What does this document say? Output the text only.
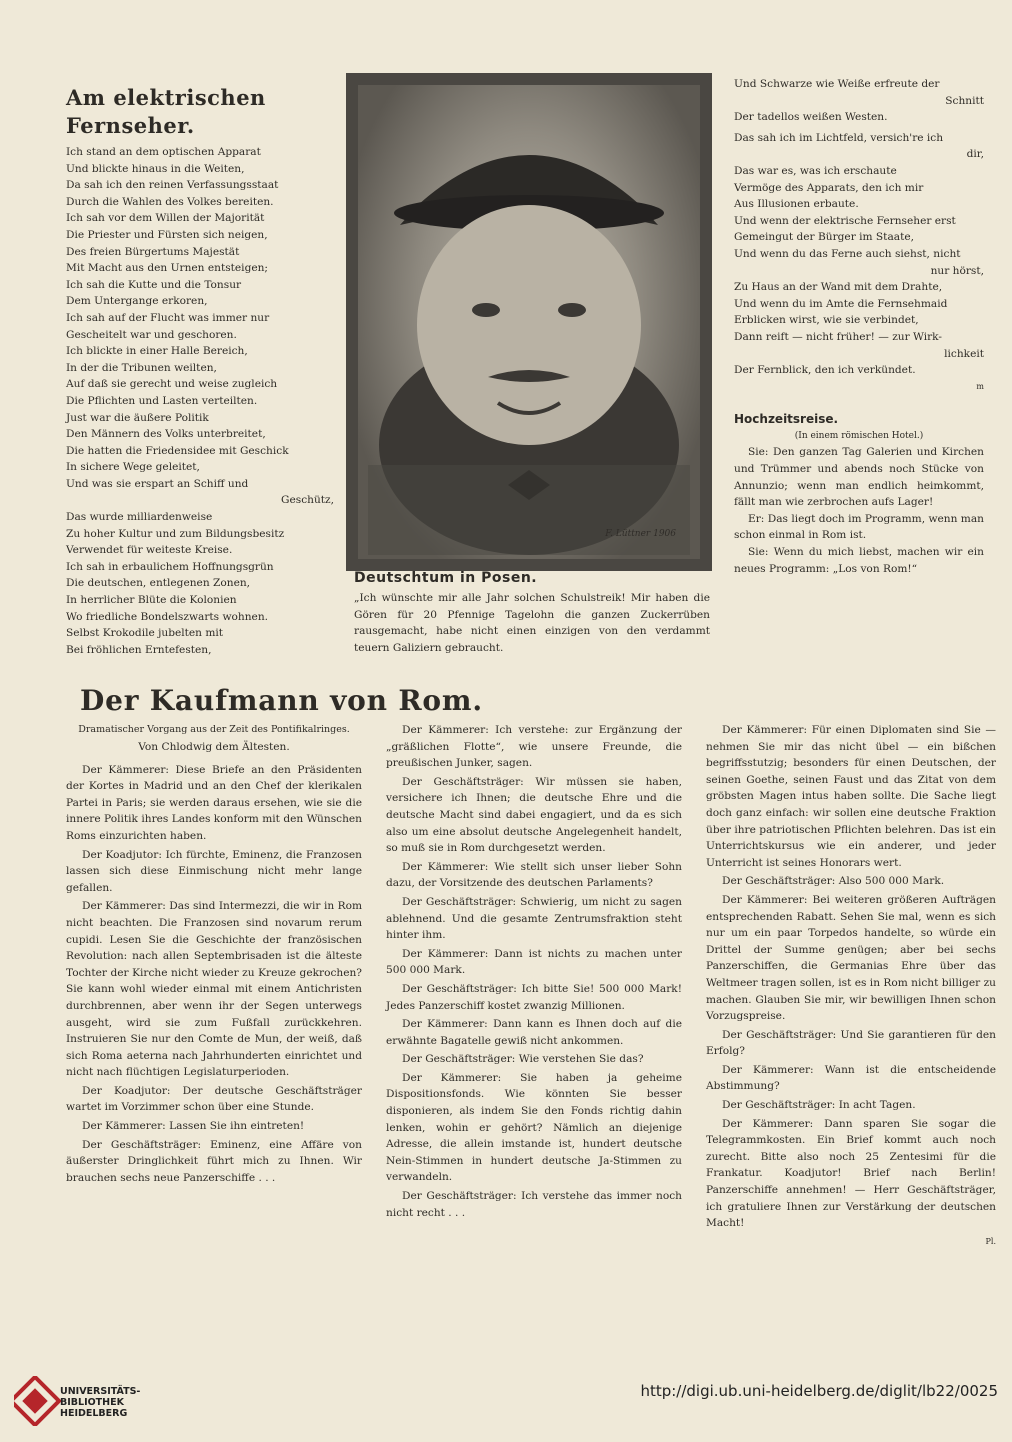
Am elektrischen Fernseher.
Ich stand an dem optischen Apparat
Und blickte hinaus in die Weiten,
Da sah ich den reinen Verfassungsstaat
Durch die Wahlen des Volkes bereiten.
Ich sah vor dem Willen der Majorität
Die Priester und Fürsten sich neigen,
Des freien Bürgertums Majestät
Mit Macht aus den Urnen entsteigen;
Ich sah die Kutte und die Tonsur
Dem Untergange erkoren,
Ich sah auf der Flucht was immer nur
Gescheitelt war und geschoren.
Ich blickte in einer Halle Bereich,
In der die Tribunen weilten,
Auf daß sie gerecht und weise zugleich
Die Pflichten und Lasten verteilten.
Just war die äußere Politik
Den Männern des Volks unterbreitet,
Die hatten die Friedensidee mit Geschick
In sichere Wege geleitet,
Und was sie erspart an Schiff und
Geschütz,
Das wurde milliardenweise
Zu hoher Kultur und zum Bildungsbesitz
Verwendet für weiteste Kreise.
Ich sah in erbaulichem Hoffnungsgrün
Die deutschen, entlegenen Zonen,
In herrlicher Blüte die Kolonien
Wo friedliche Bondelszwarts wohnen.
Selbst Krokodile jubelten mit
Bei fröhlichen Erntefesten,
F. Lüttner 1906
Deutschtum in Posen.
„Ich wünschte mir alle Jahr solchen Schulstreik! Mir haben die Gören für 20 Pfennige Tagelohn die ganzen Zuckerrüben rausgemacht, habe nicht einen einzigen von den verdammt teuern Galiziern gebraucht.
Und Schwarze wie Weiße erfreute der
Schnitt
Der tadellos weißen Westen.
Das sah ich im Lichtfeld, versich're ich
dir,
Das war es, was ich erschaute
Vermöge des Apparats, den ich mir
Aus Illusionen erbaute.
Und wenn der elektrische Fernseher erst
Gemeingut der Bürger im Staate,
Und wenn du das Ferne auch siehst, nicht
nur hörst,
Zu Haus an der Wand mit dem Drahte,
Und wenn du im Amte die Fernsehmaid
Erblicken wirst, wie sie verbindet,
Dann reift — nicht früher! — zur Wirk-
lichkeit
Der Fernblick, den ich verkündet.
m
Hochzeitsreise.
(In einem römischen Hotel.)

Sie: Den ganzen Tag Galerien und Kirchen und Trümmer und abends noch Stücke von Annunzio; wenn man endlich heimkommt, fällt man wie zerbrochen aufs Lager!

Er: Das liegt doch im Programm, wenn man schon einmal in Rom ist.

Sie: Wenn du mich liebst, machen wir ein neues Programm: „Los von Rom!“

Der Kaufmann von Rom.

Dramatischer Vorgang aus der Zeit des Pontifikalringes.

Von Chlodwig dem Ältesten.

Der Kämmerer: Diese Briefe an den Präsidenten der Kortes in Madrid und an den Chef der klerikalen Partei in Paris; sie werden daraus ersehen, wie sie die innere Politik ihres Landes konform mit den Wünschen Roms einzurichten haben.

Der Koadjutor: Ich fürchte, Eminenz, die Franzosen lassen sich diese Einmischung nicht mehr lange gefallen.

Der Kämmerer: Das sind Intermezzi, die wir in Rom nicht beachten. Die Franzosen sind novarum rerum cupidi. Lesen Sie die Geschichte der französischen Revolution: nach allen Septembrisaden ist die älteste Tochter der Kirche nicht wieder zu Kreuze gekrochen? Sie kann wohl wieder einmal mit einem Antichristen durchbrennen, aber wenn ihr der Segen unterwegs ausgeht, wird sie zum Fußfall zurückkehren. Instruieren Sie nur den Comte de Mun, der weiß, daß sich Roma aeterna nach Jahrhunderten einrichtet und nicht nach flüchtigen Legislaturperioden.

Der Koadjutor: Der deutsche Geschäftsträger wartet im Vorzimmer schon über eine Stunde.

Der Kämmerer: Lassen Sie ihn eintreten!

Der Geschäftsträger: Eminenz, eine Affäre von äußerster Dringlichkeit führt mich zu Ihnen. Wir brauchen sechs neue Panzerschiffe . . .

Der Kämmerer: Ich verstehe: zur Ergänzung der „gräßlichen Flotte“, wie unsere Freunde, die preußischen Junker, sagen.

Der Geschäftsträger: Wir müssen sie haben, versichere ich Ihnen; die deutsche Ehre und die deutsche Macht sind dabei engagiert, und da es sich also um eine absolut deutsche Angelegenheit handelt, so muß sie in Rom durchgesetzt werden.

Der Kämmerer: Wie stellt sich unser lieber Sohn dazu, der Vorsitzende des deutschen Parlaments?

Der Geschäftsträger: Schwierig, um nicht zu sagen ablehnend. Und die gesamte Zentrumsfraktion steht hinter ihm.

Der Kämmerer: Dann ist nichts zu machen unter 500 000 Mark.

Der Geschäftsträger: Ich bitte Sie! 500 000 Mark! Jedes Panzerschiff kostet zwanzig Millionen.

Der Kämmerer: Dann kann es Ihnen doch auf die erwähnte Bagatelle gewiß nicht ankommen.

Der Geschäftsträger: Wie verstehen Sie das?

Der Kämmerer: Sie haben ja geheime Dispositionsfonds. Wie könnten Sie besser disponieren, als indem Sie den Fonds richtig dahin lenken, wohin er gehört? Nämlich an diejenige Adresse, die allein imstande ist, hundert deutsche Nein-Stimmen in hundert deutsche Ja-Stimmen zu verwandeln.

Der Geschäftsträger: Ich verstehe das immer noch nicht recht . . .

Der Kämmerer: Für einen Diplomaten sind Sie — nehmen Sie mir das nicht übel — ein bißchen begriffsstutzig; besonders für einen Deutschen, der seinen Goethe, seinen Faust und das Zitat von dem gröbsten Magen intus haben sollte. Die Sache liegt doch ganz einfach: wir sollen eine deutsche Fraktion über ihre patriotischen Pflichten belehren. Das ist ein Unterrichtskursus wie ein anderer, und jeder Unterricht ist seines Honorars wert.

Der Geschäftsträger: Also 500 000 Mark.

Der Kämmerer: Bei weiteren größeren Aufträgen entsprechenden Rabatt. Sehen Sie mal, wenn es sich nur um ein paar Torpedos handelte, so würde ein Drittel der Summe genügen; aber bei sechs Panzerschiffen, die Germanias Ehre über das Weltmeer tragen sollen, ist es in Rom nicht billiger zu machen. Glauben Sie mir, wir bewilligen Ihnen schon Vorzugspreise.

Der Geschäftsträger: Und Sie garantieren für den Erfolg?

Der Kämmerer: Wann ist die entscheidende Abstimmung?

Der Geschäftsträger: In acht Tagen.

Der Kämmerer: Dann sparen Sie sogar die Telegrammkosten. Ein Brief kommt auch noch zurecht. Bitte also noch 25 Zentesimi für die Frankatur. Koadjutor! Brief nach Berlin! Panzerschiffe annehmen! — Herr Geschäftsträger, ich gratuliere Ihnen zur Verstärkung der deutschen Macht!

Pl.
UNIVERSITÄTS-
BIBLIOTHEK
HEIDELBERG
http://digi.ub.uni-heidelberg.de/diglit/lb22/0025
